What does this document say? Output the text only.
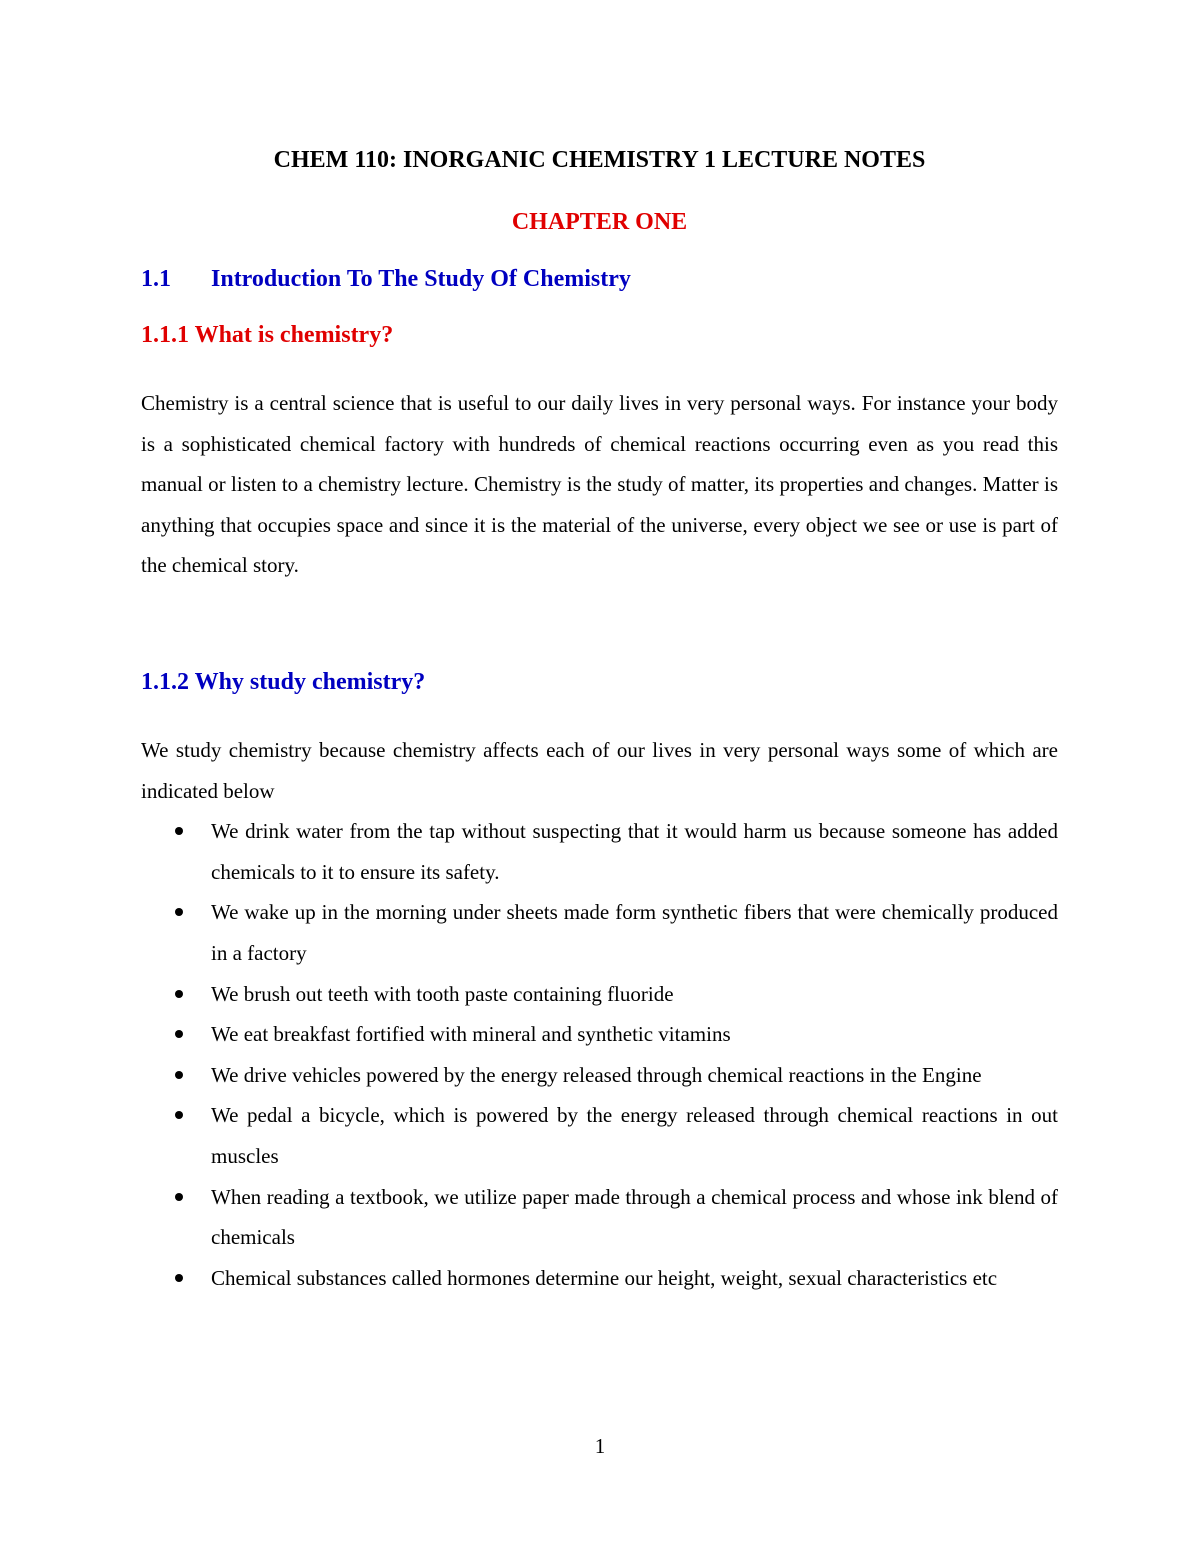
CHEM 110: INORGANIC CHEMISTRY 1 LECTURE NOTES
CHAPTER ONE
1.1	Introduction To The Study Of Chemistry
1.1.1 What is chemistry?

Chemistry is a central science that is useful to our daily lives in very personal ways. For instance your body is a sophisticated chemical factory with hundreds of chemical reactions occurring even as you read this manual or listen to a chemistry lecture. Chemistry is the study of matter, its properties and changes. Matter is anything that occupies space and since it is the material of the universe, every object we see or use is part of the chemical story.

1.1.2 Why study chemistry?

We study chemistry because chemistry affects each of our lives in very personal ways some of which are indicated below

We drink water from the tap without suspecting that it would harm us because someone has added chemicals to it to ensure its safety.
We wake up in the morning under sheets made form synthetic fibers that were chemically produced in a factory
We brush out teeth with tooth paste containing fluoride
We eat breakfast fortified with mineral and synthetic vitamins
We drive vehicles powered by the energy released through chemical reactions in the Engine
We pedal a bicycle, which is powered by the energy released through chemical reactions in out muscles
When reading a textbook, we utilize paper made through a chemical process and whose ink blend of chemicals
Chemical substances called hormones determine our height, weight, sexual characteristics etc
1
